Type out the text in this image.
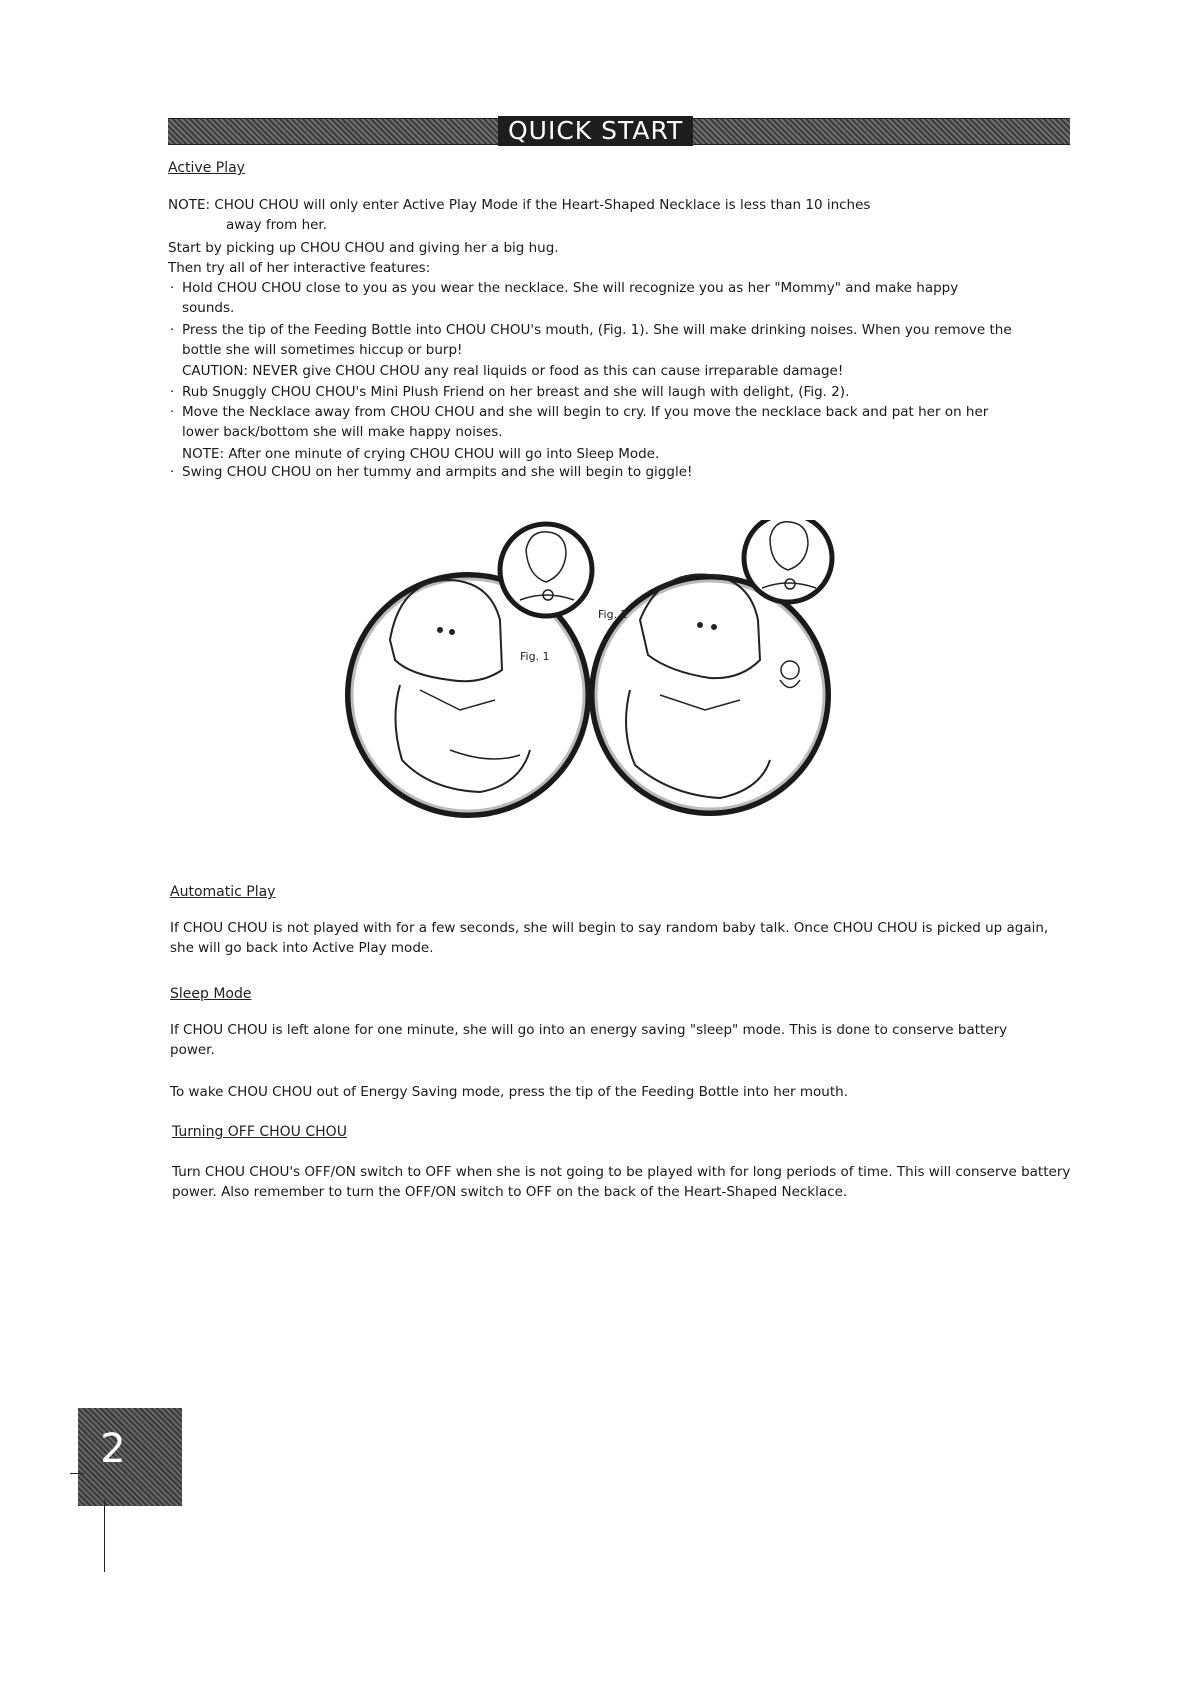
QUICK START
Active Play
NOTE: CHOU CHOU will only enter Active Play Mode if the Heart-Shaped Necklace is less than 10 inches
away from her.
Start by picking up CHOU CHOU and giving her a big hug.
Then try all of her interactive features:
· Hold CHOU CHOU close to you as you wear the necklace. She will recognize you as her "Mommy" and make happy sounds.
· Press the tip of the Feeding Bottle into CHOU CHOU's mouth, (Fig. 1). She will make drinking noises. When you remove the bottle she will sometimes hiccup or burp!
· Rub Snuggly CHOU CHOU's Mini Plush Friend on her breast and she will laugh with delight, (Fig. 2).
· Move the Necklace away from CHOU CHOU and she will begin to cry. If you move the necklace back and pat her on her lower back/bottom she will make happy noises.
· Swing CHOU CHOU on her tummy and armpits and she will begin to giggle!
CAUTION: NEVER give CHOU CHOU any real liquids or food as this can cause irreparable damage!
NOTE: After one minute of crying CHOU CHOU will go into Sleep Mode.
Fig. 1
Fig. 2
Automatic Play
If CHOU CHOU is not played with for a few seconds, she will begin to say random baby talk. Once CHOU CHOU is picked up again, she will go back into Active Play mode.
Sleep Mode
If CHOU CHOU is left alone for one minute, she will go into an energy saving "sleep" mode. This is done to conserve battery power.
To wake CHOU CHOU out of Energy Saving mode, press the tip of the Feeding Bottle into her mouth.
Turning OFF CHOU CHOU
Turn CHOU CHOU's OFF/ON switch to OFF when she is not going to be played with for long periods of time. This will conserve battery power. Also remember to turn the OFF/ON switch to OFF on the back of the Heart-Shaped Necklace.
2
